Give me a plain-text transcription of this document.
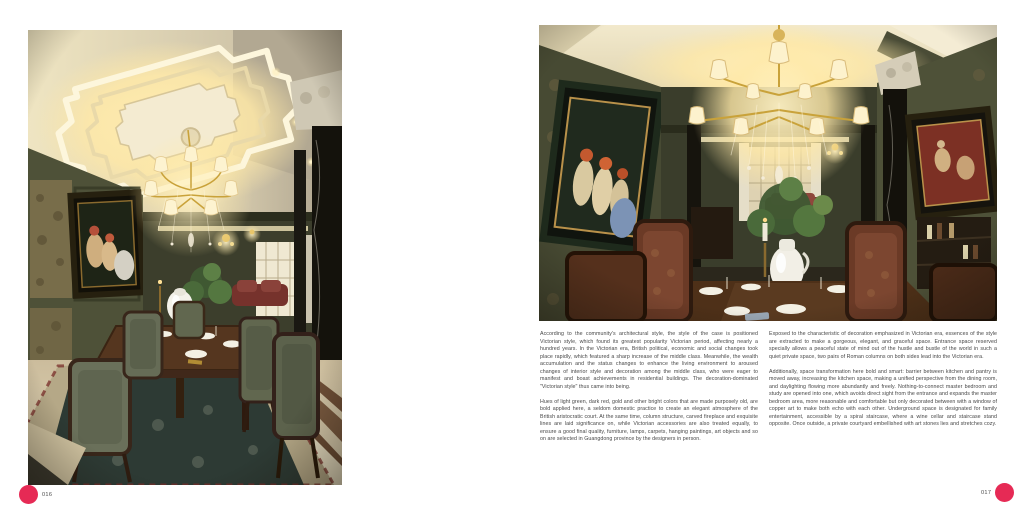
According to the community's architectural style, the style of the case is positioned Victorian style, which found its greatest popularity Victorian period, affecting nearly a hundred years. In the Victorian era, British political, economic and social changes took place rapidly, which featured a sharp increase of the middle class. Meanwhile, the wealth accumulation and the status changes to enhance the living environment to aroused changes of interior style and decoration among the middle class, who were eager to manifest and boast achievements in residential buildings. The decoration-dominated "Victorian style" thus came into being.

Hues of light green, dark red, gold and other bright colors that are made purposely old, are bold applied here, a seldom domestic practice to create an elegant atmosphere of the British aristocratic court. At the same time, column structure, carved fireplace and exquisite lines are laid significance on, while Victorian accessories are also treated equally, to ensure a good final quality, furniture, lamps, carpets, hanging paintings, art objects and so on are selected in Guangdong province by the designers in person.

Exposed to the characteristic of decoration emphasized in Victorian era, essences of the style are extracted to make a gorgeous, elegant, and graceful space. Entrance space reserved specially allows a peaceful state of mind out of the hustle and bustle of the world in such a quiet private space, two pairs of Roman columns on both sides lead into the Victorian era.

Additionally, space transformation here bold and smart: barrier between kitchen and pantry is moved away, increasing the kitchen space, making a unified perspective from the dining room, and daylighting flowing more abundantly and freely. Nothing-to-connect master bedroom and study are opened into one, which avoids direct sight from the entrance and expands the master bedroom area, more reasonable and comfortable but only decorated between with a window of copper art to make both echo with each other. Underground space is designated for family entertainment, accessible by a spiral staircase, where a wine cellar and staircase stand opposite. Once outside, a private courtyard embellished with art stones lies and stretches cozy.

016	017
